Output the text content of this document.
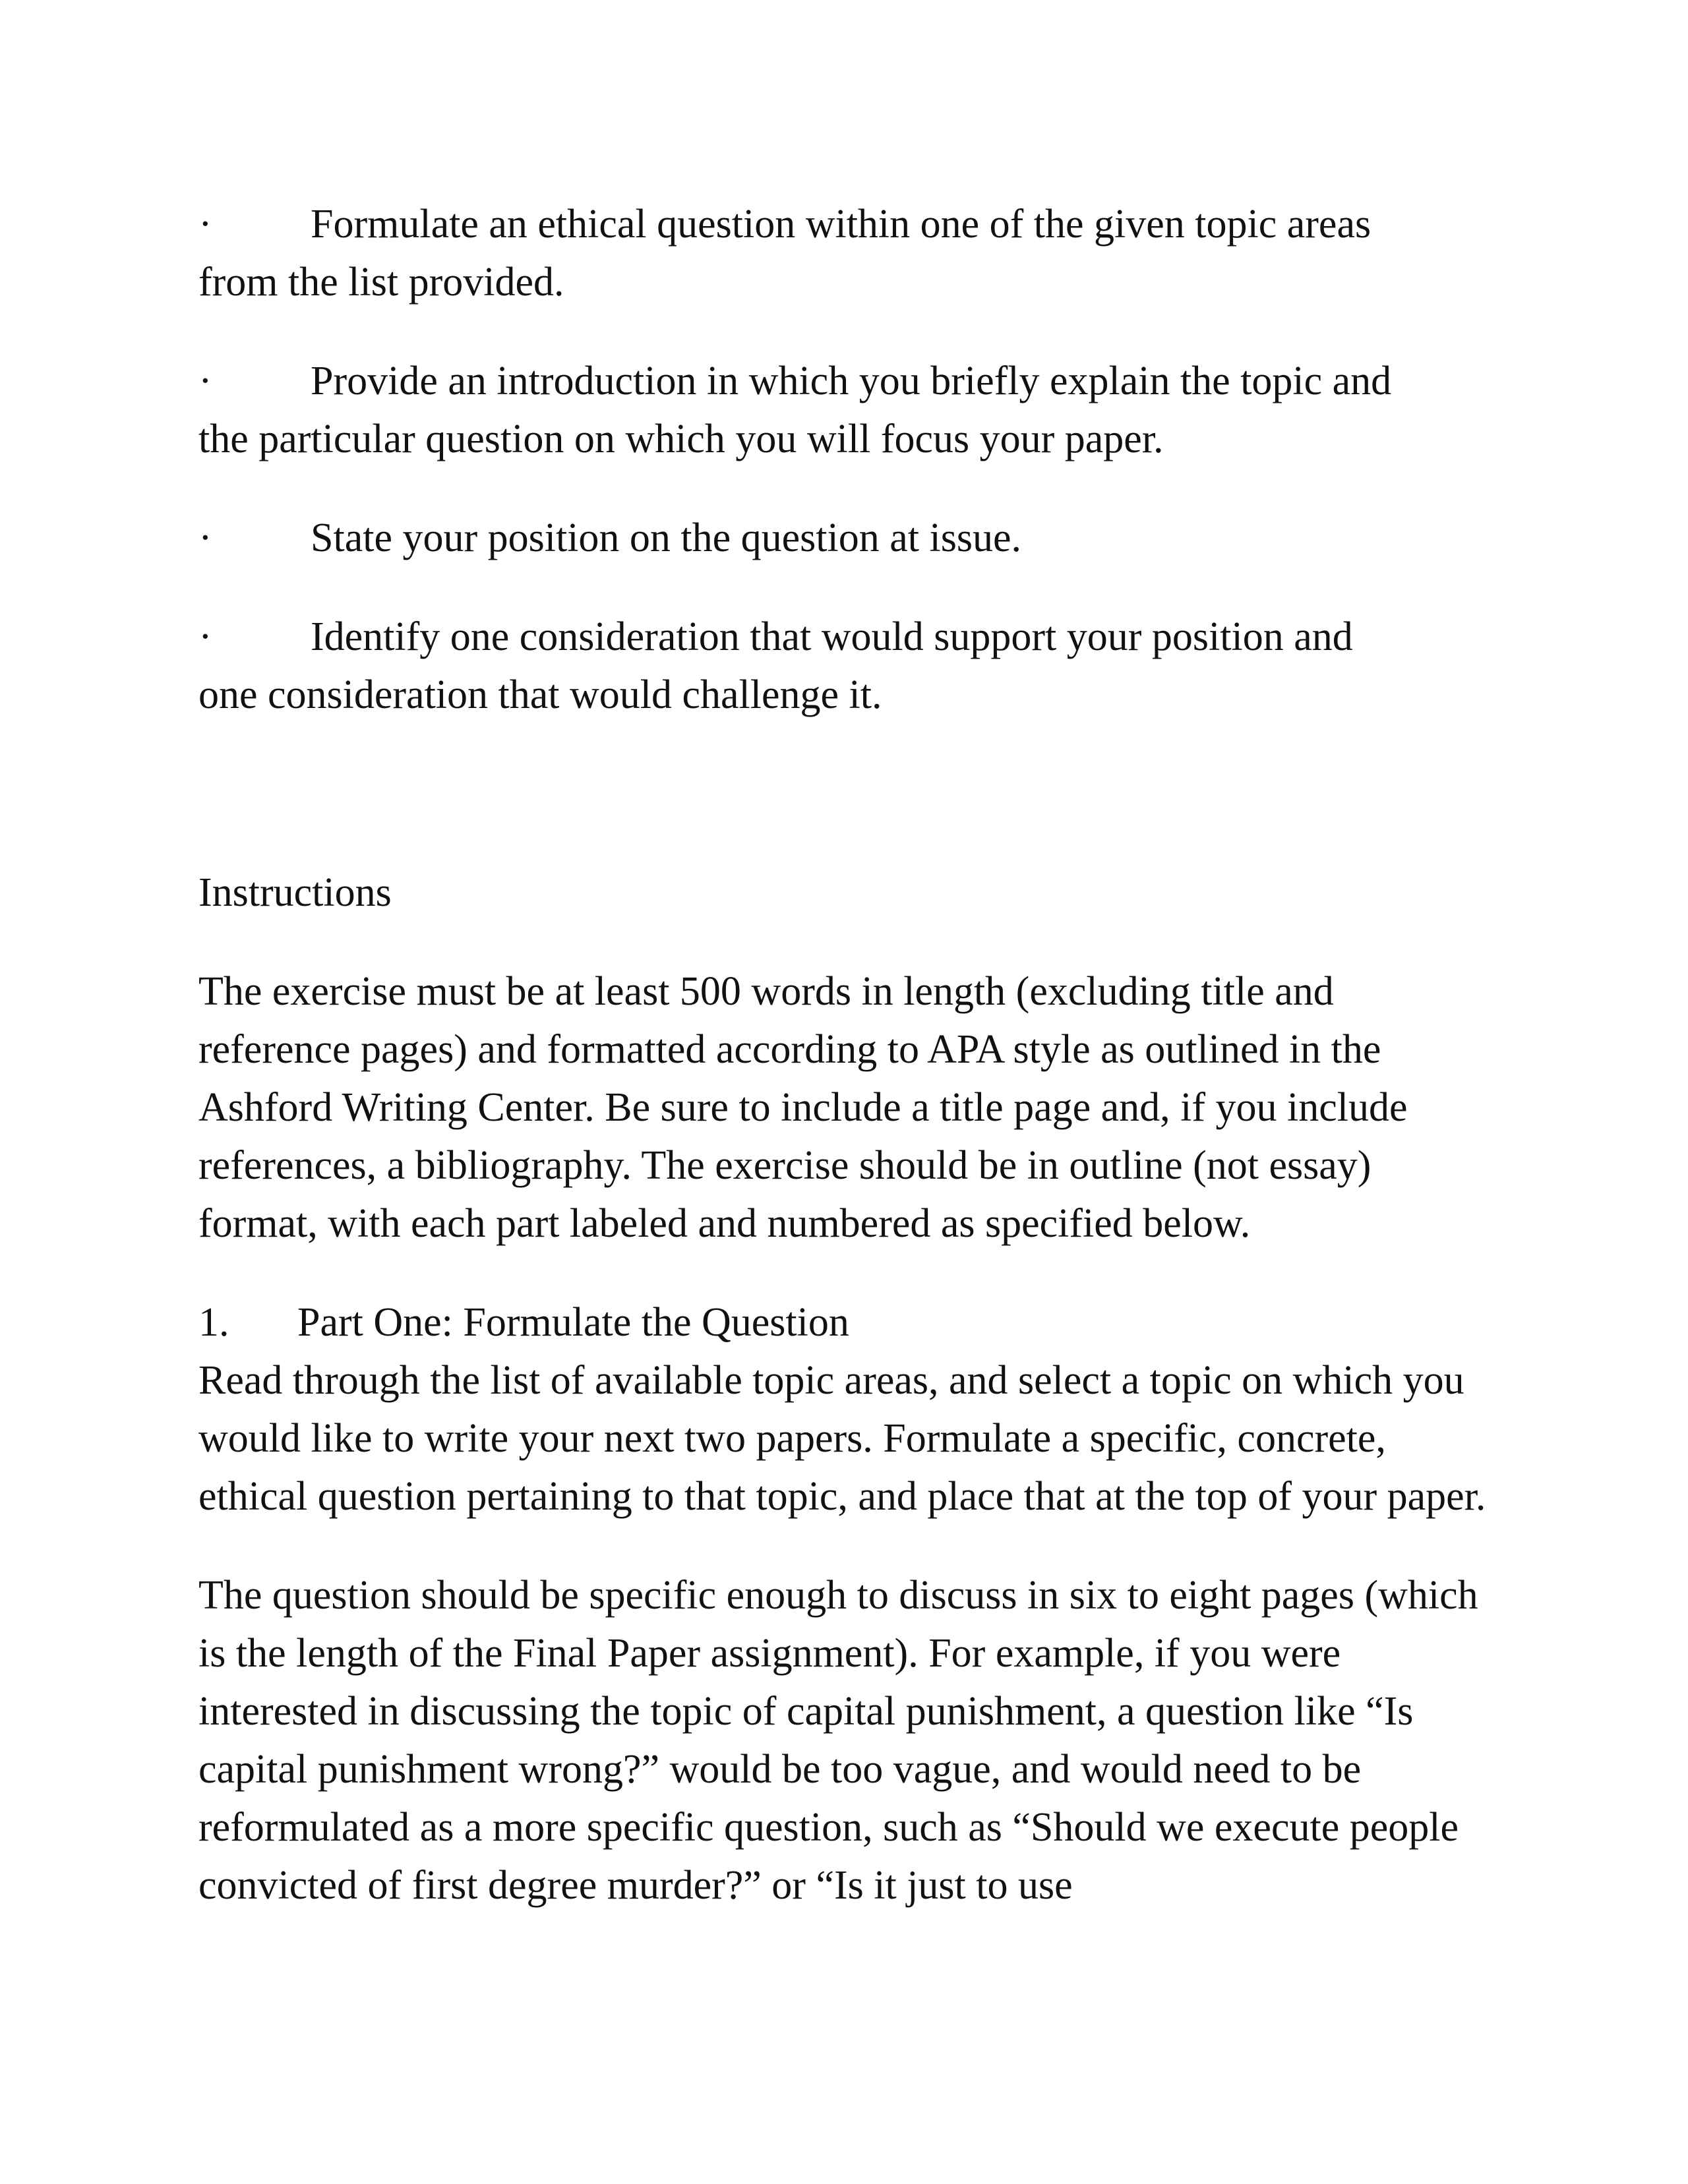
· Formulate an ethical question within one of the given topic areas
from the list provided.

· Provide an introduction in which you briefly explain the topic and
the particular question on which you will focus your paper.

· State your position on the question at issue.

· Identify one consideration that would support your position and
one consideration that would challenge it.

Instructions

The exercise must be at least 500 words in length (excluding title and reference pages) and formatted according to APA style as outlined in the Ashford Writing Center. Be sure to include a title page and, if you include references, a bibliography. The exercise should be in outline (not essay) format, with each part labeled and numbered as specified below.

1. Part One: Formulate the Question

Read through the list of available topic areas, and select a topic on which you would like to write your next two papers. Formulate a specific, concrete, ethical question pertaining to that topic, and place that at the top of your paper.

The question should be specific enough to discuss in six to eight pages (which is the length of the Final Paper assignment). For example, if you were interested in discussing the topic of capital punishment, a question like “Is capital punishment wrong?” would be too vague, and would need to be reformulated as a more specific question, such as “Should we execute people convicted of first degree murder?” or “Is it just to use
